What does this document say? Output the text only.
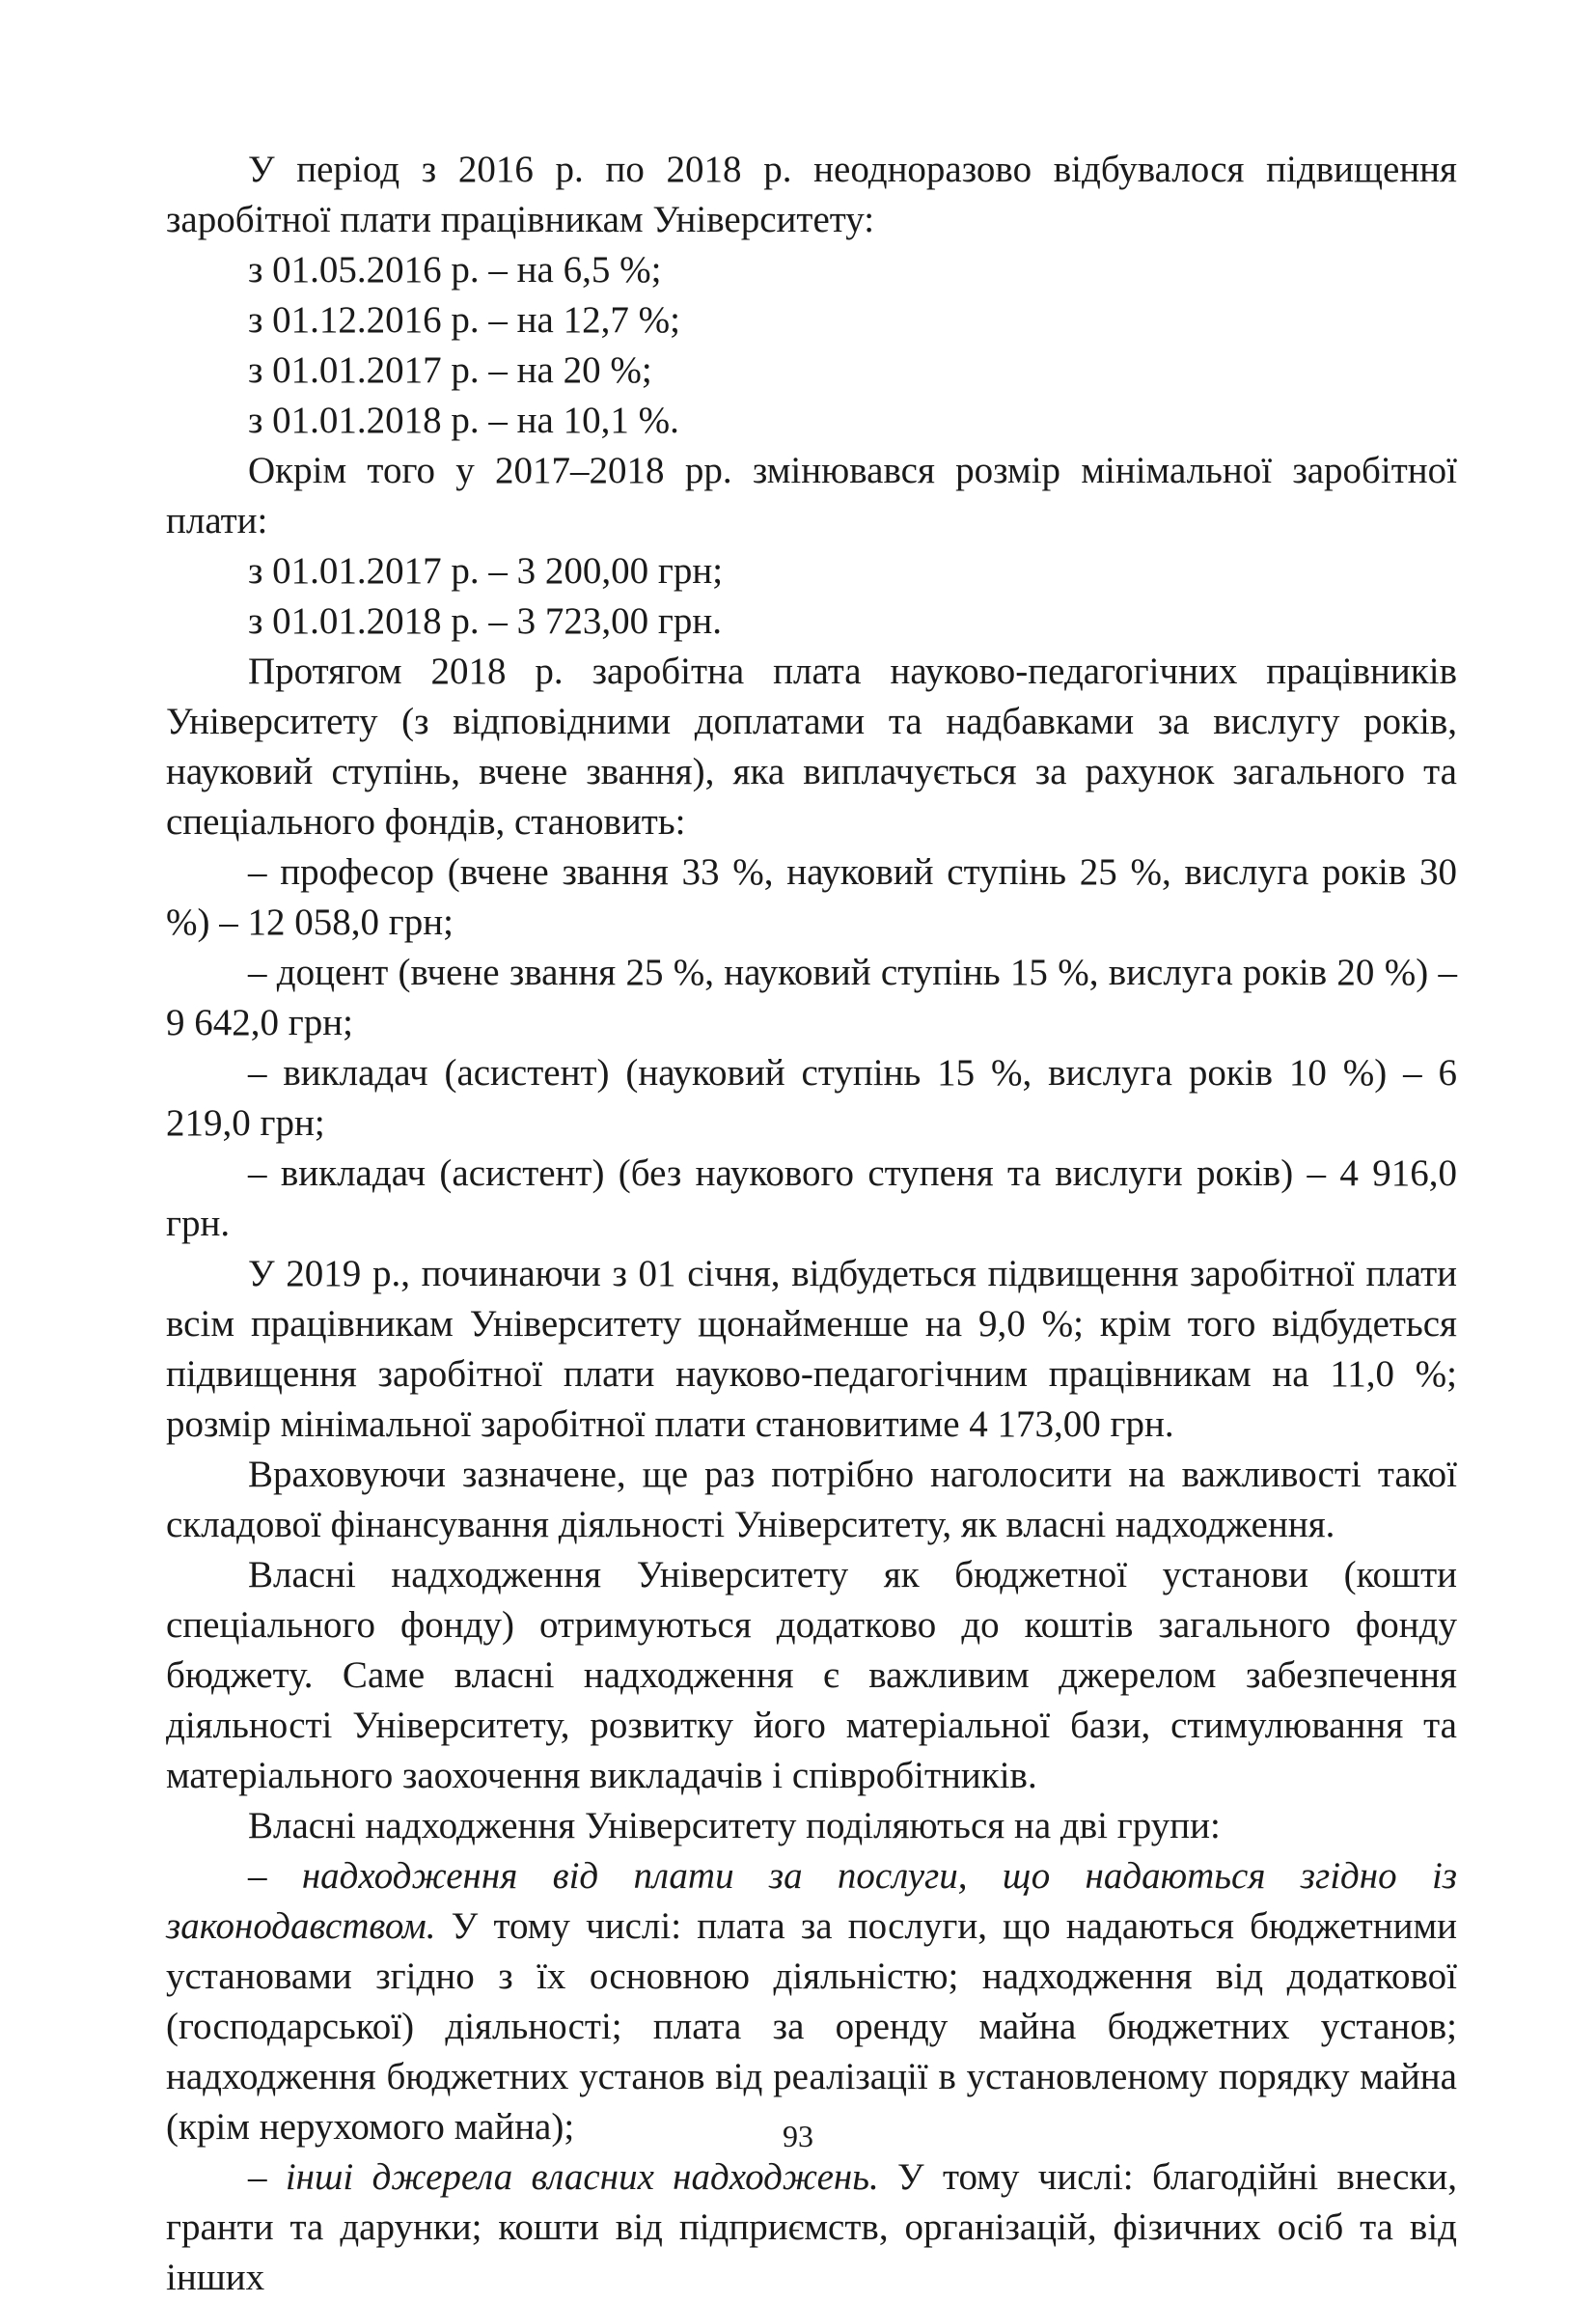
У період з 2016 р. по 2018 р. неодноразово відбувалося підвищення заробітної плати працівникам Університету:

з 01.05.2016 р. – на 6,5 %;

з 01.12.2016 р. – на 12,7 %;

з 01.01.2017 р. – на 20 %;

з 01.01.2018 р. – на 10,1 %.

Окрім того у 2017–2018 рр. змінювався розмір мінімальної заробітної плати:

з 01.01.2017 р. – 3 200,00 грн;

з 01.01.2018 р. – 3 723,00 грн.

Протягом 2018 р. заробітна плата науково-педагогічних працівників Університету (з відповідними доплатами та надбавками за вислугу років, науковий ступінь, вчене звання), яка виплачується за рахунок загального та спеціального фондів, становить:

– професор (вчене звання 33 %, науковий ступінь 25 %, вислуга років 30 %) – 12 058,0 грн;

– доцент (вчене звання 25 %, науковий ступінь 15 %, вислуга років 20 %) – 9 642,0 грн;

– викладач (асистент) (науковий ступінь 15 %, вислуга років 10 %) – 6 219,0 грн;

– викладач (асистент) (без наукового ступеня та вислуги років) – 4 916,0 грн.

У 2019 р., починаючи з 01 січня, відбудеться підвищення заробітної плати всім працівникам Університету щонайменше на 9,0 %; крім того відбудеться підвищення заробітної плати науково-педагогічним працівникам на 11,0 %; розмір мінімальної заробітної плати становитиме 4 173,00 грн.

Враховуючи зазначене, ще раз потрібно наголосити на важливості такої складової фінансування діяльності Університету, як власні надходження.

Власні надходження Університету як бюджетної установи (кошти спеціального фонду) отримуються додатково до коштів загального фонду бюджету. Саме власні надходження є важливим джерелом забезпечення діяльності Університету, розвитку його матеріальної бази, стимулювання та матеріального заохочення викладачів і співробітників.

Власні надходження Університету поділяються на дві групи:

– надходження від плати за послуги, що надаються згідно із законодавством. У тому числі: плата за послуги, що надаються бюджетними установами згідно з їх основною діяльністю; надходження від додаткової (господарської) діяльності; плата за оренду майна бюджетних установ; надходження бюджетних установ від реалізації в установленому порядку майна (крім нерухомого майна);

– інші джерела власних надходжень. У тому числі: благодійні внески, гранти та дарунки; кошти від підприємств, організацій, фізичних осіб та від інших

93
